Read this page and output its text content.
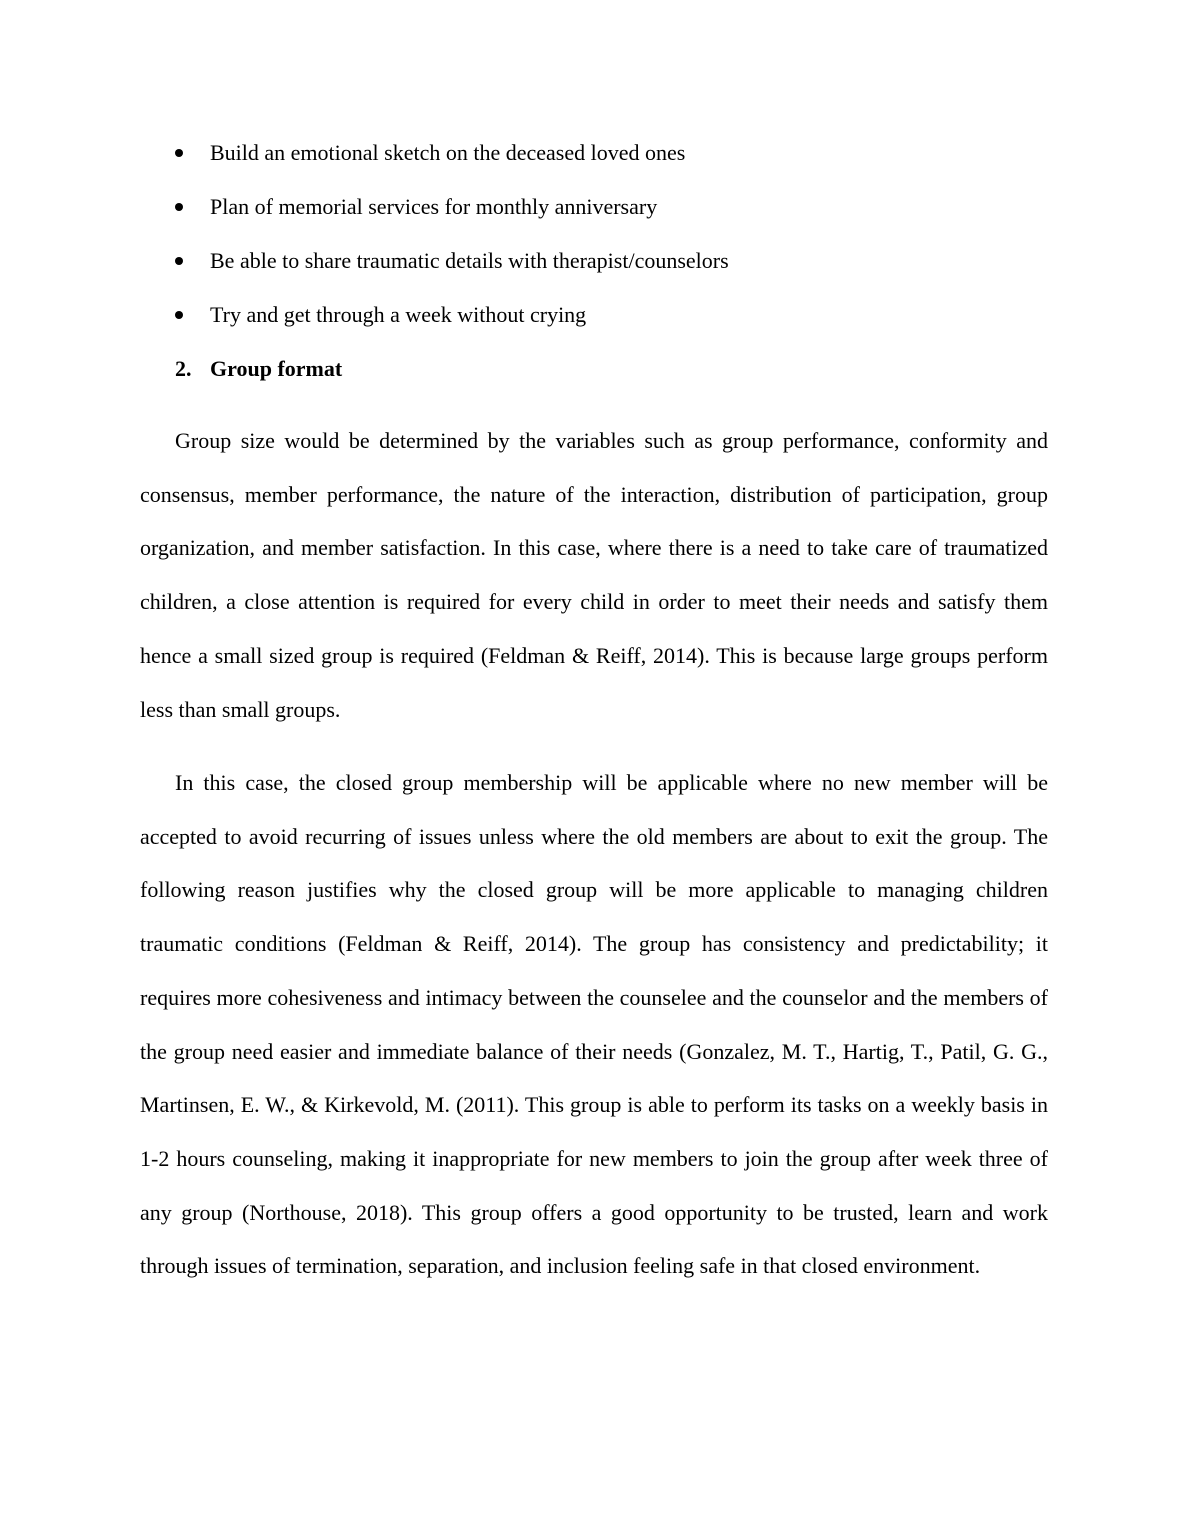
Build an emotional sketch on the deceased loved ones
Plan of memorial services for monthly anniversary
Be able to share traumatic details with therapist/counselors
Try and get through a week without crying
2. Group format

Group size would be determined by the variables such as group performance, conformity and consensus, member performance, the nature of the interaction, distribution of participation, group organization, and member satisfaction. In this case, where there is a need to take care of traumatized children, a close attention is required for every child in order to meet their needs and satisfy them hence a small sized group is required (Feldman & Reiff, 2014). This is because large groups perform less than small groups.

In this case, the closed group membership will be applicable where no new member will be accepted to avoid recurring of issues unless where the old members are about to exit the group. The following reason justifies why the closed group will be more applicable to managing children traumatic conditions (Feldman & Reiff, 2014). The group has consistency and predictability; it requires more cohesiveness and intimacy between the counselee and the counselor and the members of the group need easier and immediate balance of their needs (Gonzalez, M. T., Hartig, T., Patil, G. G., Martinsen, E. W., & Kirkevold, M. (2011). This group is able to perform its tasks on a weekly basis in 1-2 hours counseling, making it inappropriate for new members to join the group after week three of any group (Northouse, 2018). This group offers a good opportunity to be trusted, learn and work through issues of termination, separation, and inclusion feeling safe in that closed environment.
